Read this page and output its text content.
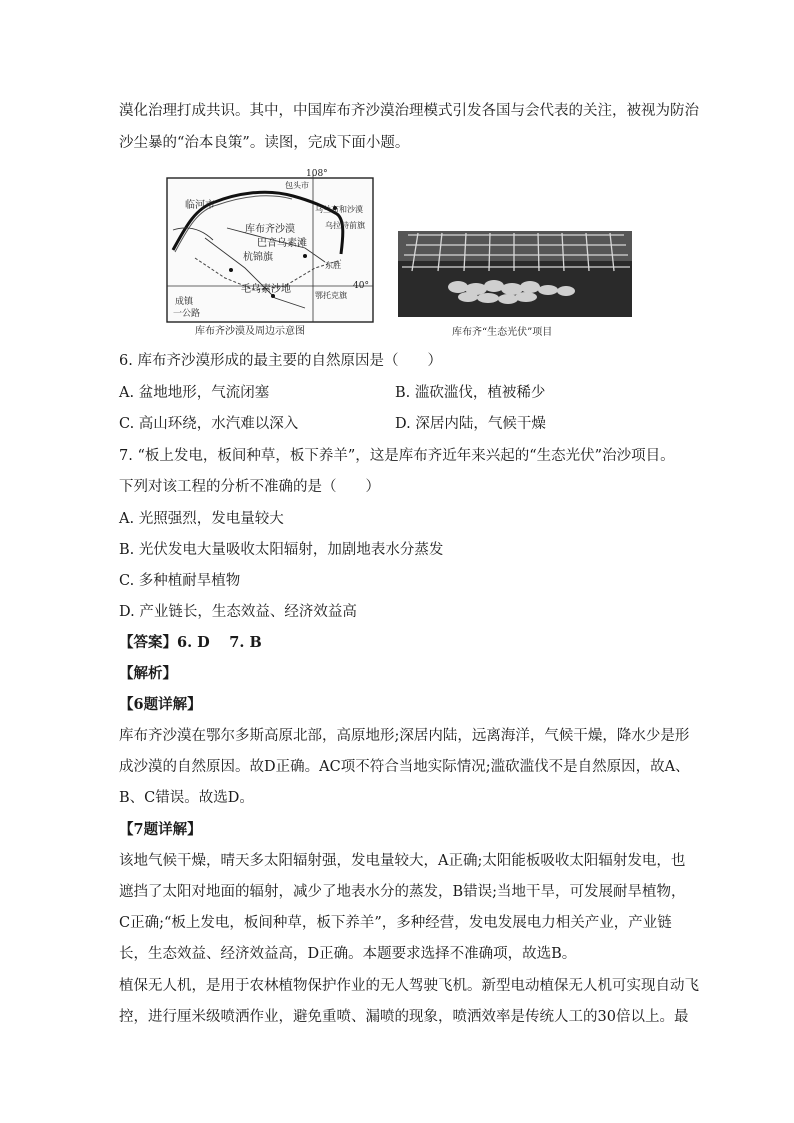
漠化治理打成共识。其中，中国库布齐沙漠治理模式引发各国与会代表的关注，被视为防治
沙尘暴的“治本良策”。读图，完成下面小题。
108°
40°
临河市	乌兰布和沙漠
库布齐沙漠
巴音乌素滩
杭锦旗
包头市
毛乌素沙地
鄂托克旗
东胜
乌拉特前旗
成镇
一公路
库布齐沙漠及周边示意图	库布齐“生态光伏”项目
6. 库布齐沙漠形成的最主要的自然原因是（　　）
A. 盆地地形，气流闭塞	B. 滥砍滥伐，植被稀少
C. 高山环绕，水汽难以深入	D. 深居内陆，气候干燥
7. “板上发电，板间种草，板下养羊”，这是库布齐近年来兴起的“生态光伏”治沙项目。
下列对该工程的分析不准确的是（　　）
A. 光照强烈，发电量较大
B. 光伏发电大量吸收太阳辐射，加剧地表水分蒸发
C. 多种植耐旱植物
D. 产业链长，生态效益、经济效益高
【答案】6. D　 7. B
【解析】
【6题详解】
库布齐沙漠在鄂尔多斯高原北部，高原地形;深居内陆，远离海洋，气候干燥，降水少是形
成沙漠的自然原因。故D正确。AC项不符合当地实际情况;滥砍滥伐不是自然原因，故A、
B、C错误。故选D。
【7题详解】
该地气候干燥，晴天多太阳辐射强，发电量较大，A正确;太阳能板吸收太阳辐射发电，也
遮挡了太阳对地面的辐射，减少了地表水分的蒸发，B错误;当地干旱，可发展耐旱植物，
C正确;“板上发电，板间种草，板下养羊”，多种经营，发电发展电力相关产业，产业链
长，生态效益、经济效益高，D正确。本题要求选择不准确项，故选B。
植保无人机，是用于农林植物保护作业的无人驾驶飞机。新型电动植保无人机可实现自动飞
控，进行厘米级喷洒作业，避免重喷、漏喷的现象，喷洒效率是传统人工的30倍以上。最
